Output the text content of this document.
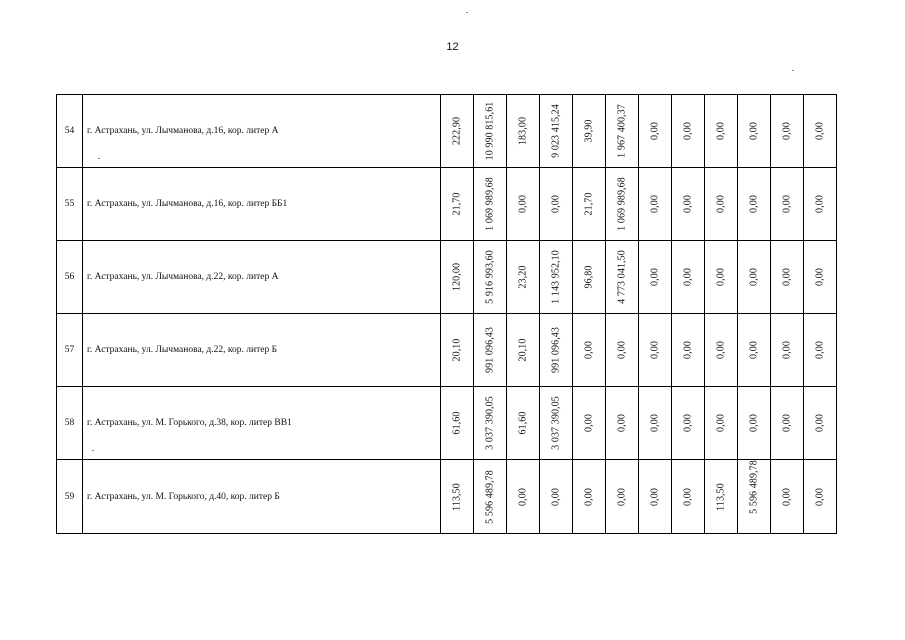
12
54	г. Астрахань, ул. Лычманова, д.16, кор. литер А	222,90	10 990 815,61	183,00	9 023 415,24	39,90	1 967 400,37	0,00	0,00	0,00	0,00	0,00	0,00

55	г. Астрахань, ул. Лычманова, д.16, кор. литер ББ1	21,70	1 069 989,68	0,00	0,00	21,70	1 069 989,68	0,00	0,00	0,00	0,00	0,00	0,00

56	г. Астрахань, ул. Лычманова, д.22, кор. литер А	120,00	5 916 993,60	23,20	1 143 952,10	96,80	4 773 041,50	0,00	0,00	0,00	0,00	0,00	0,00

57	г. Астрахань, ул. Лычманова, д.22, кор. литер Б	20,10	991 096,43	20,10	991 096,43	0,00	0,00	0,00	0,00	0,00	0,00	0,00	0,00

58	г. Астрахань, ул. М. Горького, д.38, кор. литер ВВ1	61,60	3 037 390,05	61,60	3 037 390,05	0,00	0,00	0,00	0,00	0,00	0,00	0,00	0,00

59	г. Астрахань, ул. М. Горького, д.40, кор. литер Б	113,50	5 596 489,78	0,00	0,00	0,00	0,00	0,00	0,00	113,50	5 596 489,78	0,00	0,00
